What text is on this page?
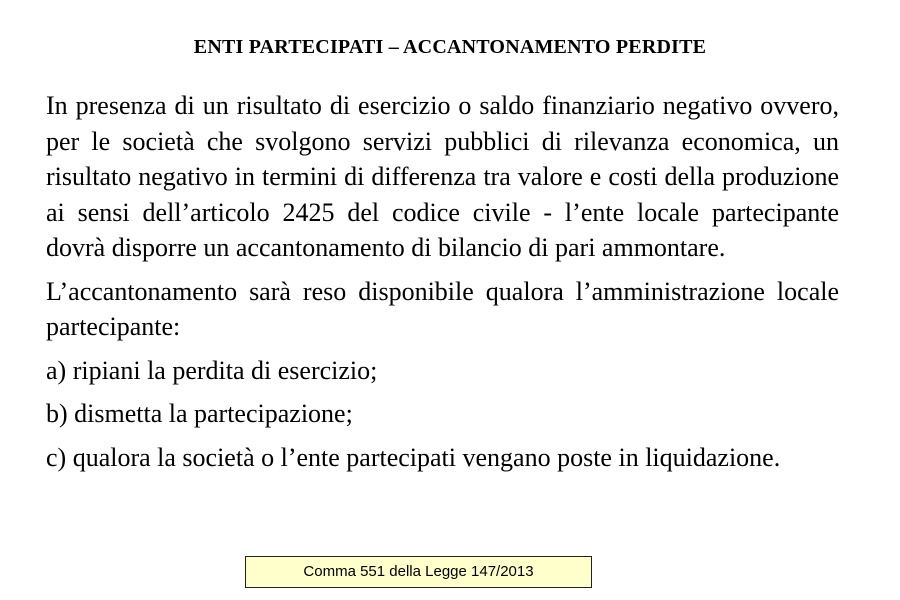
ENTI PARTECIPATI – ACCANTONAMENTO PERDITE

In presenza di un risultato di esercizio o saldo finanziario negativo ovvero, per le società che svolgono servizi pubblici di rilevanza economica, un risultato negativo in termini di differenza tra valore e costi della produzione ai sensi dell’articolo 2425 del codice civile - l’ente locale partecipante dovrà disporre un accantonamento di bilancio di pari ammontare.

L’accantonamento sarà reso disponibile qualora l’amministrazione locale partecipante:

a) ripiani la perdita di esercizio;

b) dismetta la partecipazione;

c) qualora la società o l’ente partecipati vengano poste in liquidazione.

Comma 551 della Legge 147/2013
